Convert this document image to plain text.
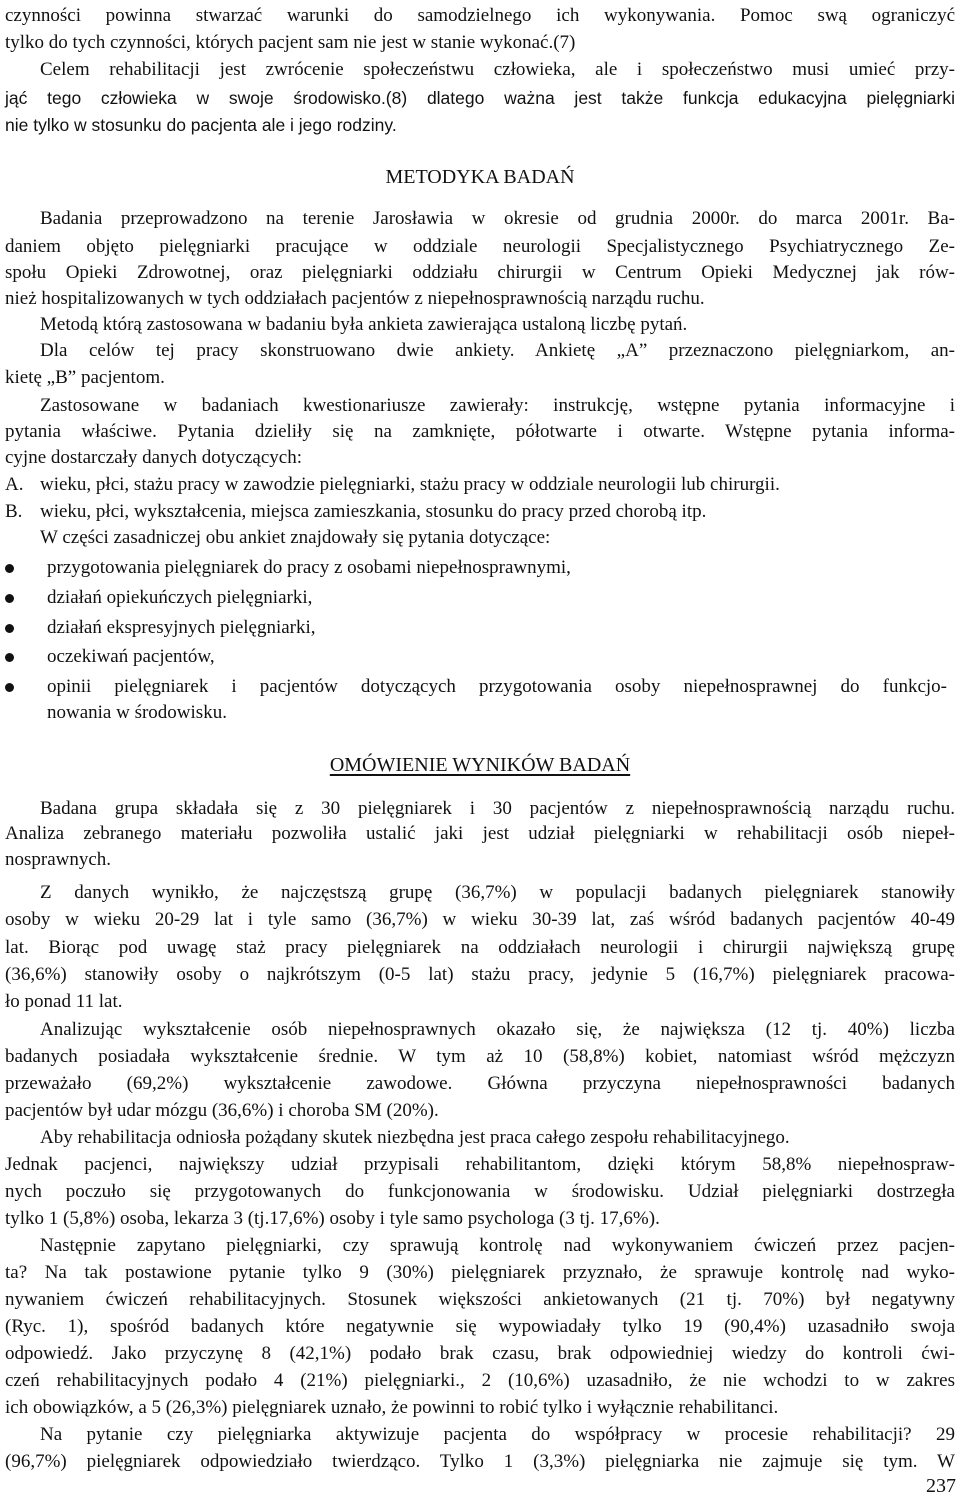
czynności powinna stwarzać warunki do samodzielnego ich wykonywania. Pomoc swą ograniczyć

tylko do tych czynności, których pacjent sam nie jest w stanie wykonać.(7)

Celem rehabilitacji jest zwrócenie społeczeństwu człowieka, ale i społeczeństwo musi umieć przy-

jąć tego człowieka w swoje środowisko.(8) dlatego ważna jest także funkcja edukacyjna pielęgniarki

nie tylko w stosunku do pacjenta ale i jego rodziny.

METODYKA BADAŃ

Badania przeprowadzono na terenie Jarosławia w okresie od grudnia 2000r. do marca 2001r. Ba-

daniem objęto pielęgniarki pracujące w oddziale neurologii Specjalistycznego Psychiatrycznego Ze-

społu Opieki Zdrowotnej, oraz pielęgniarki oddziału chirurgii w Centrum Opieki Medycznej jak rów-

nież hospitalizowanych w tych oddziałach pacjentów z niepełnosprawnością narządu ruchu.

Metodą którą zastosowana w badaniu była ankieta zawierająca ustaloną liczbę pytań.

Dla celów tej pracy skonstruowano dwie ankiety. Ankietę „A” przeznaczono pielęgniarkom, an-

kietę „B” pacjentom.

Zastosowane w badaniach kwestionariusze zawierały: instrukcję, wstępne pytania informacyjne i

pytania właściwe. Pytania dzieliły się na zamknięte, półotwarte i otwarte. Wstępne pytania informa-

cyjne dostarczały danych dotyczących:

A. wieku, płci, stażu pracy w zawodzie pielęgniarki, stażu pracy w oddziale neurologii lub chirurgii.

B. wieku, płci, wykształcenia, miejsca zamieszkania, stosunku do pracy przed chorobą itp.

W części zasadniczej obu ankiet znajdowały się pytania dotyczące:

przygotowania pielęgniarek do pracy z osobami niepełnosprawnymi,

działań opiekuńczych pielęgniarki,

działań ekspresyjnych pielęgniarki,

oczekiwań pacjentów,

opinii pielęgniarek i pacjentów dotyczących przygotowania osoby niepełnosprawnej do funkcjo-

nowania w środowisku.

OMÓWIENIE WYNIKÓW BADAŃ

Badana grupa składała się z 30 pielęgniarek i 30 pacjentów z niepełnosprawnością narządu ruchu.

Analiza zebranego materiału pozwoliła ustalić jaki jest udział pielęgniarki w rehabilitacji osób niepeł-

nosprawnych.

Z danych wynikło, że najczęstszą grupę (36,7%) w populacji badanych pielęgniarek stanowiły

osoby w wieku 20-29 lat i tyle samo (36,7%) w wieku 30-39 lat, zaś wśród badanych pacjentów 40-49

lat. Biorąc pod uwagę staż pracy pielęgniarek na oddziałach neurologii i chirurgii największą grupę

(36,6%) stanowiły osoby o najkrótszym (0-5 lat) stażu pracy, jedynie 5 (16,7%) pielęgniarek pracowa-

ło ponad 11 lat.

Analizując wykształcenie osób niepełnosprawnych okazało się, że największa (12 tj. 40%) liczba

badanych posiadała wykształcenie średnie. W tym aż 10 (58,8%) kobiet, natomiast wśród mężczyzn

przeważało (69,2%) wykształcenie zawodowe. Główna przyczyna niepełnosprawności badanych

pacjentów był udar mózgu (36,6%) i choroba SM (20%).

Aby rehabilitacja odniosła pożądany skutek niezbędna jest praca całego zespołu rehabilitacyjnego.

Jednak pacjenci, największy udział przypisali rehabilitantom, dzięki którym 58,8% niepełnospraw-

nych poczuło się przygotowanych do funkcjonowania w środowisku. Udział pielęgniarki dostrzegła

tylko 1 (5,8%) osoba, lekarza 3 (tj.17,6%) osoby i tyle samo psychologa (3 tj. 17,6%).

Następnie zapytano pielęgniarki, czy sprawują kontrolę nad wykonywaniem ćwiczeń przez pacjen-

ta? Na tak postawione pytanie tylko 9 (30%) pielęgniarek przyznało, że sprawuje kontrolę nad wyko-

nywaniem ćwiczeń rehabilitacyjnych. Stosunek większości ankietowanych (21 tj. 70%) był negatywny

(Ryc. 1), spośród badanych które negatywnie się wypowiadały tylko 19 (90,4%) uzasadniło swoja

odpowiedź. Jako przyczynę 8 (42,1%) podało brak czasu, brak odpowiedniej wiedzy do kontroli ćwi-

czeń rehabilitacyjnych podało 4 (21%) pielęgniarki., 2 (10,6%) uzasadniło, że nie wchodzi to w zakres

ich obowiązków, a 5 (26,3%) pielęgniarek uznało, że powinni to robić tylko i wyłącznie rehabilitanci.

Na pytanie czy pielęgniarka aktywizuje pacjenta do współpracy w procesie rehabilitacji? 29

(96,7%) pielęgniarek odpowiedziało twierdząco. Tylko 1 (3,3%) pielęgniarka nie zajmuje się tym. W

237
